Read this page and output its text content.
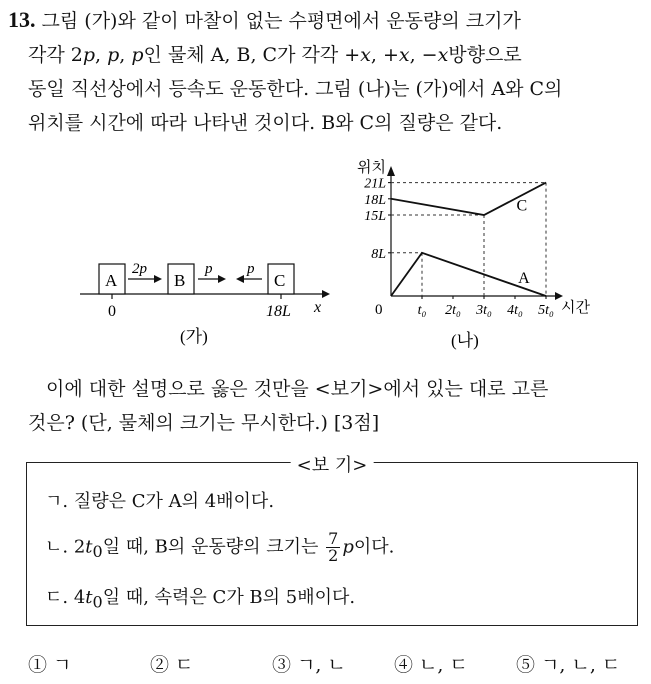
13. 그림 (가)와 같이 마찰이 없는 수평면에서 운동량의 크기가
각각 2p, p, p인 물체 A, B, C가 각각 +x, +x, −x방향으로
동일 직선상에서 등속도 운동한다. 그림 (나)는 (가)에서 A와 C의
위치를 시간에 따라 나타낸 것이다. B와 C의 질량은 같다.
x
A
2p
B
p p
C
0	18L
(가)
위치
시간
0
21L
18L
15L
8L
t₀ 2t₀ 3t₀ 4t₀ 5t₀
A
C
(나)
이에 대한 설명으로 옳은 것만을 <보기>에서 있는 대로 고른
것은? (단, 물체의 크기는 무시한다.) [3점]
<보 기>
ㄱ. 질량은 C가 A의 4배이다.
ㄴ. $2t_0$일 때, B의 운동량의 크기는 $\frac{7}{2}$ p이다.
ㄷ. $4t_0$일 때, 속력은 C가 B의 5배이다.
① ㄱ	② ㄷ	③ ㄱ, ㄴ	④ ㄴ, ㄷ	⑤ ㄱ, ㄴ, ㄷ
